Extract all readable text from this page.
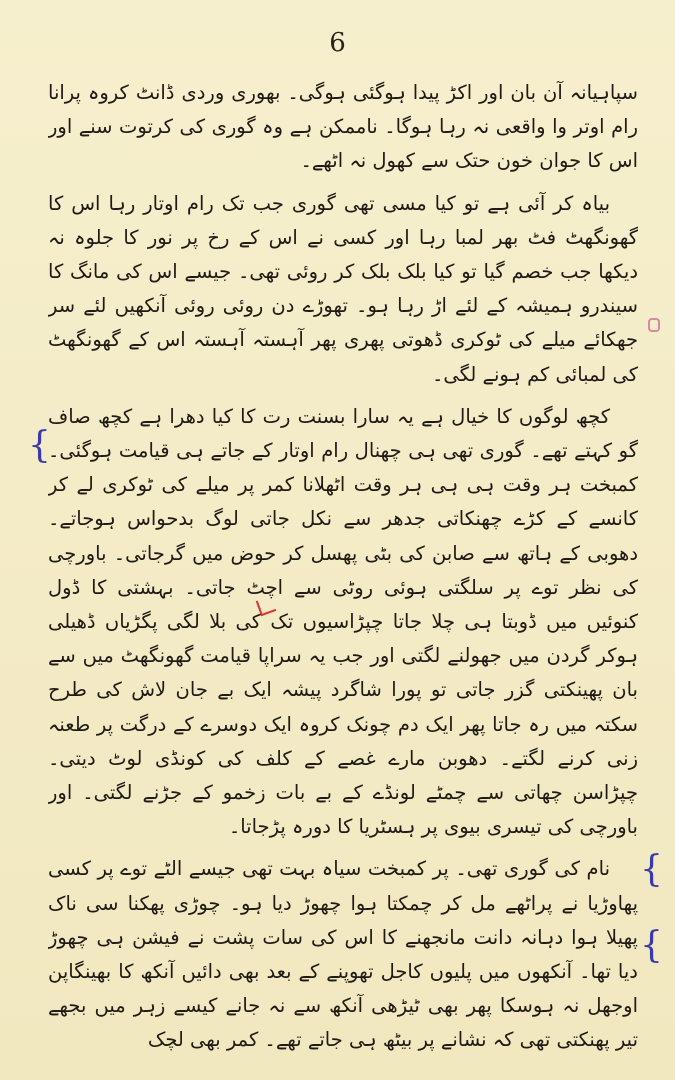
6

سپاہیانہ آن بان اور اکڑ پیدا ہوگئی ہوگی۔ بھوری وردی ڈانٹ کروہ پرانا رام اوتر وا واقعی نہ رہا ہوگا۔ ناممکن ہے وہ گوری کی کرتوت سنے اور اس کا جوان خون حتک سے کھول نہ اٹھے۔

بیاہ کر آئی ہے تو کیا مسی تھی گوری جب تک رام اوتار رہا اس کا گھونگھٹ فٹ بھر لمبا رہا اور کسی نے اس کے رخ پر نور کا جلوہ نہ دیکھا جب خصم گیا تو کیا بلک بلک کر روئی تھی۔ جیسے اس کی مانگ کا سیندرو ہمیشہ کے لئے اڑ رہا ہو۔ تھوڑے دن روئی روئی آنکھیں لئے سر جھکائے میلے کی ٹوکری ڈھوتی پھری پھر آہستہ آہستہ اس کے گھونگھٹ کی لمبائی کم ہونے لگی۔

کچھ لوگوں کا خیال ہے یہ سارا بسنت رت کا کیا دھرا ہے کچھ صاف گو کہتے تھے۔ گوری تھی ہی چھنال رام اوتار کے جاتے ہی قیامت ہوگئی۔ کمبخت ہر وقت ہی ہی ہر وقت اٹھلانا کمر پر میلے کی ٹوکری لے کر کانسے کے کڑے چھنکاتی جدھر سے نکل جاتی لوگ بدحواس ہوجاتے۔ دھوبی کے ہاتھ سے صابن کی بٹی پھسل کر حوض میں گرجاتی۔ باورچی کی نظر توے پر سلگتی ہوئی روٹی سے اچٹ جاتی۔ بہشتی کا ڈول کنوئیں میں ڈوبتا ہی چلا جاتا چپڑاسیوں تک کی بلا لگی پگڑیاں ڈھیلی ہوکر گردن میں جھولنے لگتی اور جب یہ سراپا قیامت گھونگھٹ میں سے بان پھینکتی گزر جاتی تو پورا شاگرد پیشہ ایک بے جان لاش کی طرح سکتہ میں رہ جاتا پھر ایک دم چونک کروہ ایک دوسرے کے درگت پر طعنہ زنی کرنے لگتے۔ دھوبن مارے غصے کے کلف کی کونڈی لوٹ دیتی۔ چپڑاسن چھاتی سے چمٹے لونڈے کے بے بات زخمو کے جڑنے لگتی۔ اور باورچی کی تیسری بیوی پر ہسٹریا کا دورہ پڑجاتا۔

نام کی گوری تھی۔ پر کمبخت سیاہ بہت تھی جیسے الٹے توے پر کسی پھاوڑیا نے پراٹھے مل کر چمکتا ہوا چھوڑ دیا ہو۔ چوڑی پھکنا سی ناک پھیلا ہوا دہانہ دانت مانجھنے کا اس کی سات پشت نے فیشن ہی چھوڑ دیا تھا۔ آنکھوں میں پلیوں کاجل تھوپنے کے بعد بھی دائیں آنکھ کا بھینگاپن اوجھل نہ ہوسکا پھر بھی ٹیڑھی آنکھ سے نہ جانے کیسے زہر میں بجھے تیر پھنکتی تھی کہ نشانے پر بیٹھ ہی جاتے تھے۔ کمر بھی لچک

{
{
{
